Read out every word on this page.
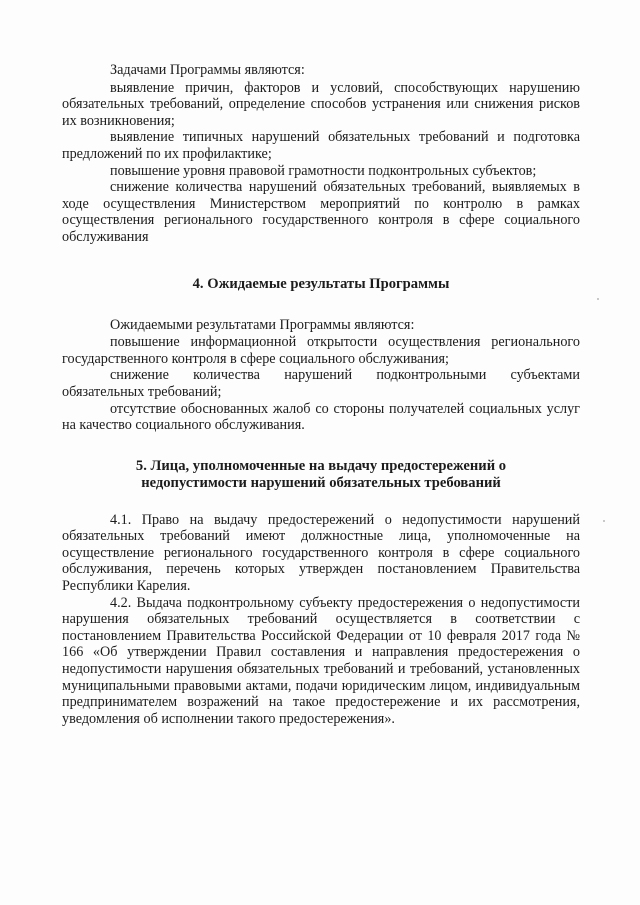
Задачами Программы являются:

выявление причин, факторов и условий, способствующих нарушению обязательных требований, определение способов устранения или снижения рисков их возникновения;

выявление типичных нарушений обязательных требований и подготовка предложений по их профилактике;

повышение уровня правовой грамотности подконтрольных субъектов;

снижение количества нарушений обязательных требований, выявляемых в ходе осуществления Министерством мероприятий по контролю в рамках осуществления регионального государственного контроля в сфере социального обслуживания

4. Ожидаемые результаты Программы

Ожидаемыми результатами Программы являются:

повышение информационной открытости осуществления регионального государственного контроля в сфере социального обслуживания;

снижение количества нарушений подконтрольными субъектами обязательных требований;

отсутствие обоснованных жалоб со стороны получателей социальных услуг на качество социального обслуживания.

5. Лица, уполномоченные на выдачу предостережений о
недопустимости нарушений обязательных требований

4.1. Право на выдачу предостережений о недопустимости нарушений обязательных требований имеют должностные лица, уполномоченные на осуществление регионального государственного контроля в сфере социального обслуживания, перечень которых утвержден постановлением Правительства Республики Карелия.

4.2. Выдача подконтрольному субъекту предостережения о недопустимости нарушения обязательных требований осуществляется в соответствии с постановлением Правительства Российской Федерации от 10 февраля 2017 года № 166 «Об утверждении Правил составления и направления предостережения о недопустимости нарушения обязательных требований и требований, установленных муниципальными правовыми актами, подачи юридическим лицом, индивидуальным предпринимателем возражений на такое предостережение и их рассмотрения, уведомления об исполнении такого предостережения».
